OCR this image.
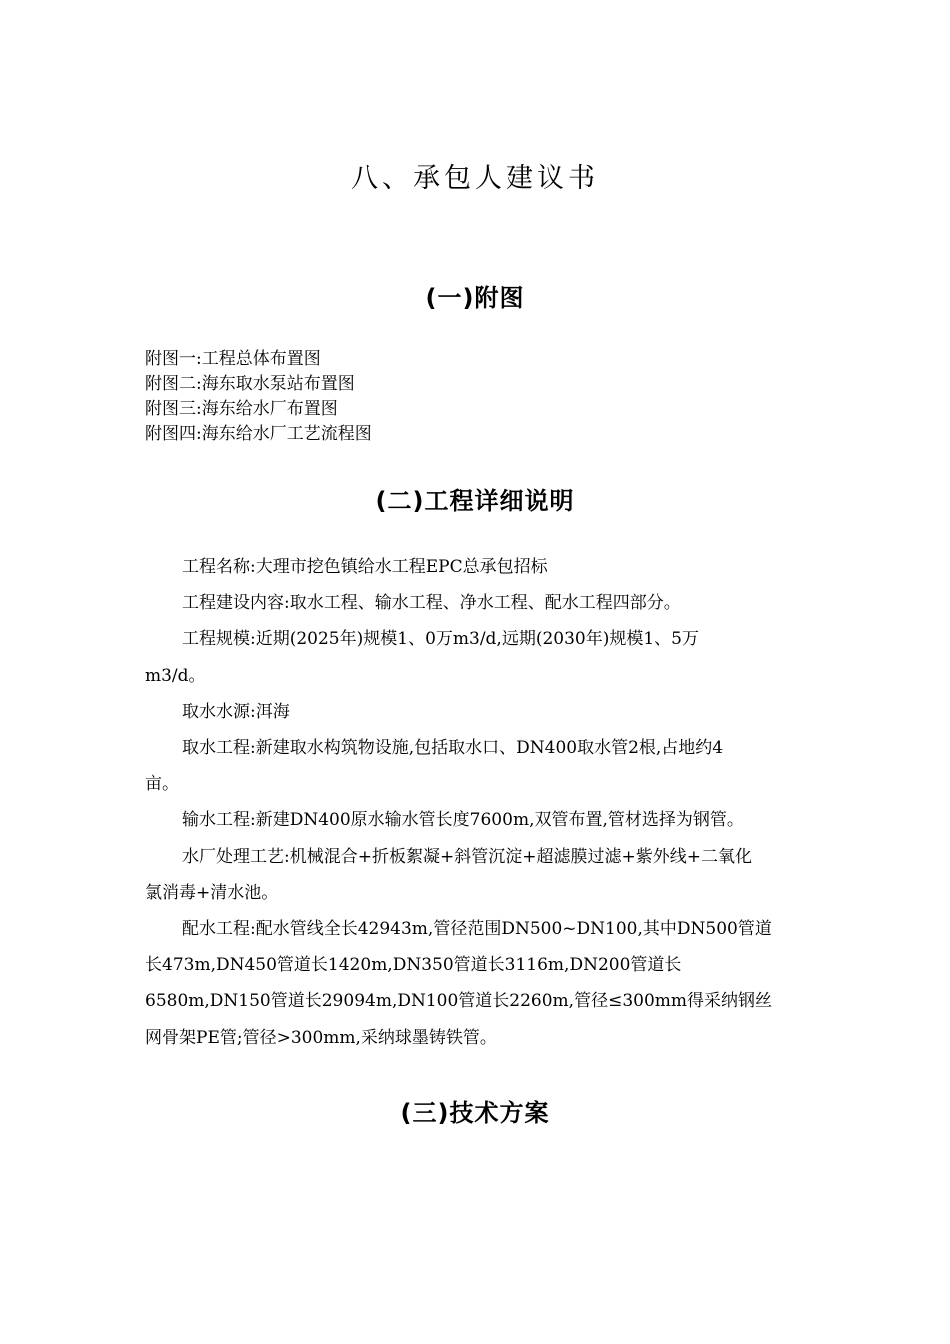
八、承包人建议书
(一)附图
附图一:工程总体布置图
附图二:海东取水泵站布置图
附图三:海东给水厂布置图
附图四:海东给水厂工艺流程图
(二)工程详细说明
工程名称:大理市挖色镇给水工程EPC总承包招标
工程建设内容:取水工程、输水工程、净水工程、配水工程四部分。
工程规模:近期(2025年)规模1、0万m3/d,远期(2030年)规模1、5万
m3/d。
取水水源:洱海
取水工程:新建取水构筑物设施,包括取水口、DN400取水管2根,占地约4
亩。
输水工程:新建DN400原水输水管长度7600m,双管布置,管材选择为钢管。
水厂处理工艺:机械混合+折板絮凝+斜管沉淀+超滤膜过滤+紫外线+二氧化
氯消毒+清水池。
配水工程:配水管线全长42943m,管径范围DN500~DN100,其中DN500管道
长473m,DN450管道长1420m,DN350管道长3116m,DN200管道长
6580m,DN150管道长29094m,DN100管道长2260m,管径≤300mm得采纳钢丝
网骨架PE管;管径>300mm,采纳球墨铸铁管。
(三)技术方案
